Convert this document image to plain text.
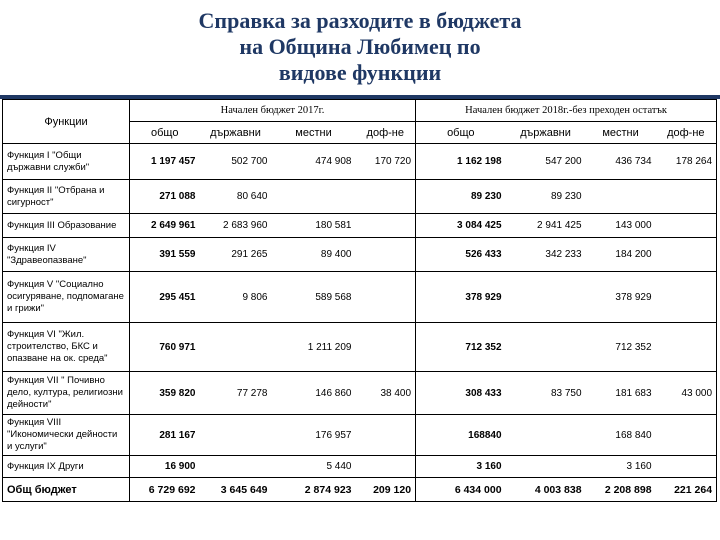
Справка за разходите в бюджета
на Община Любимец по
видове функции
Функции	Начален бюджет 2017г.				Начален бюджет 2018г.-без преходен остатък			
	общо	държавни	местни	доф-не	общо	държавни	местни	доф-не
Функция I "Общи държавни служби"	1 197 457	502 700	474 908	170 720	1 162 198	547 200	436 734	178 264
Функция II "Отбрана и сигурност"	271 088	80 640			89 230	89 230		
Функция III Образование	2 649 961	2 683 960	180 581		3 084 425	2 941 425	143 000	
Функция IV "Здравеопазване"	391 559	291 265	89 400		526 433	342 233	184 200	
Функция V "Социално осигуряване, подпомагане и грижи"	295 451	9 806	589 568		378 929		378 929	
Функция VI "Жил. строителство, БКС и опазване на ок. среда"	760 971		1 211 209		712 352		712 352	
Функция VII " Почивно дело, култура, религиозни дейности"	359 820	77 278	146 860	38 400	308 433	83 750	181 683	43 000
Функция VIII "Икономически дейности и услуги"	281 167		176 957		168840		168 840	
Функция IX Други	16 900		5 440		3 160		3 160	
Общ бюджет	6 729 692	3 645 649	2 874 923	209 120	6 434 000	4 003 838	2 208 898	221 264
